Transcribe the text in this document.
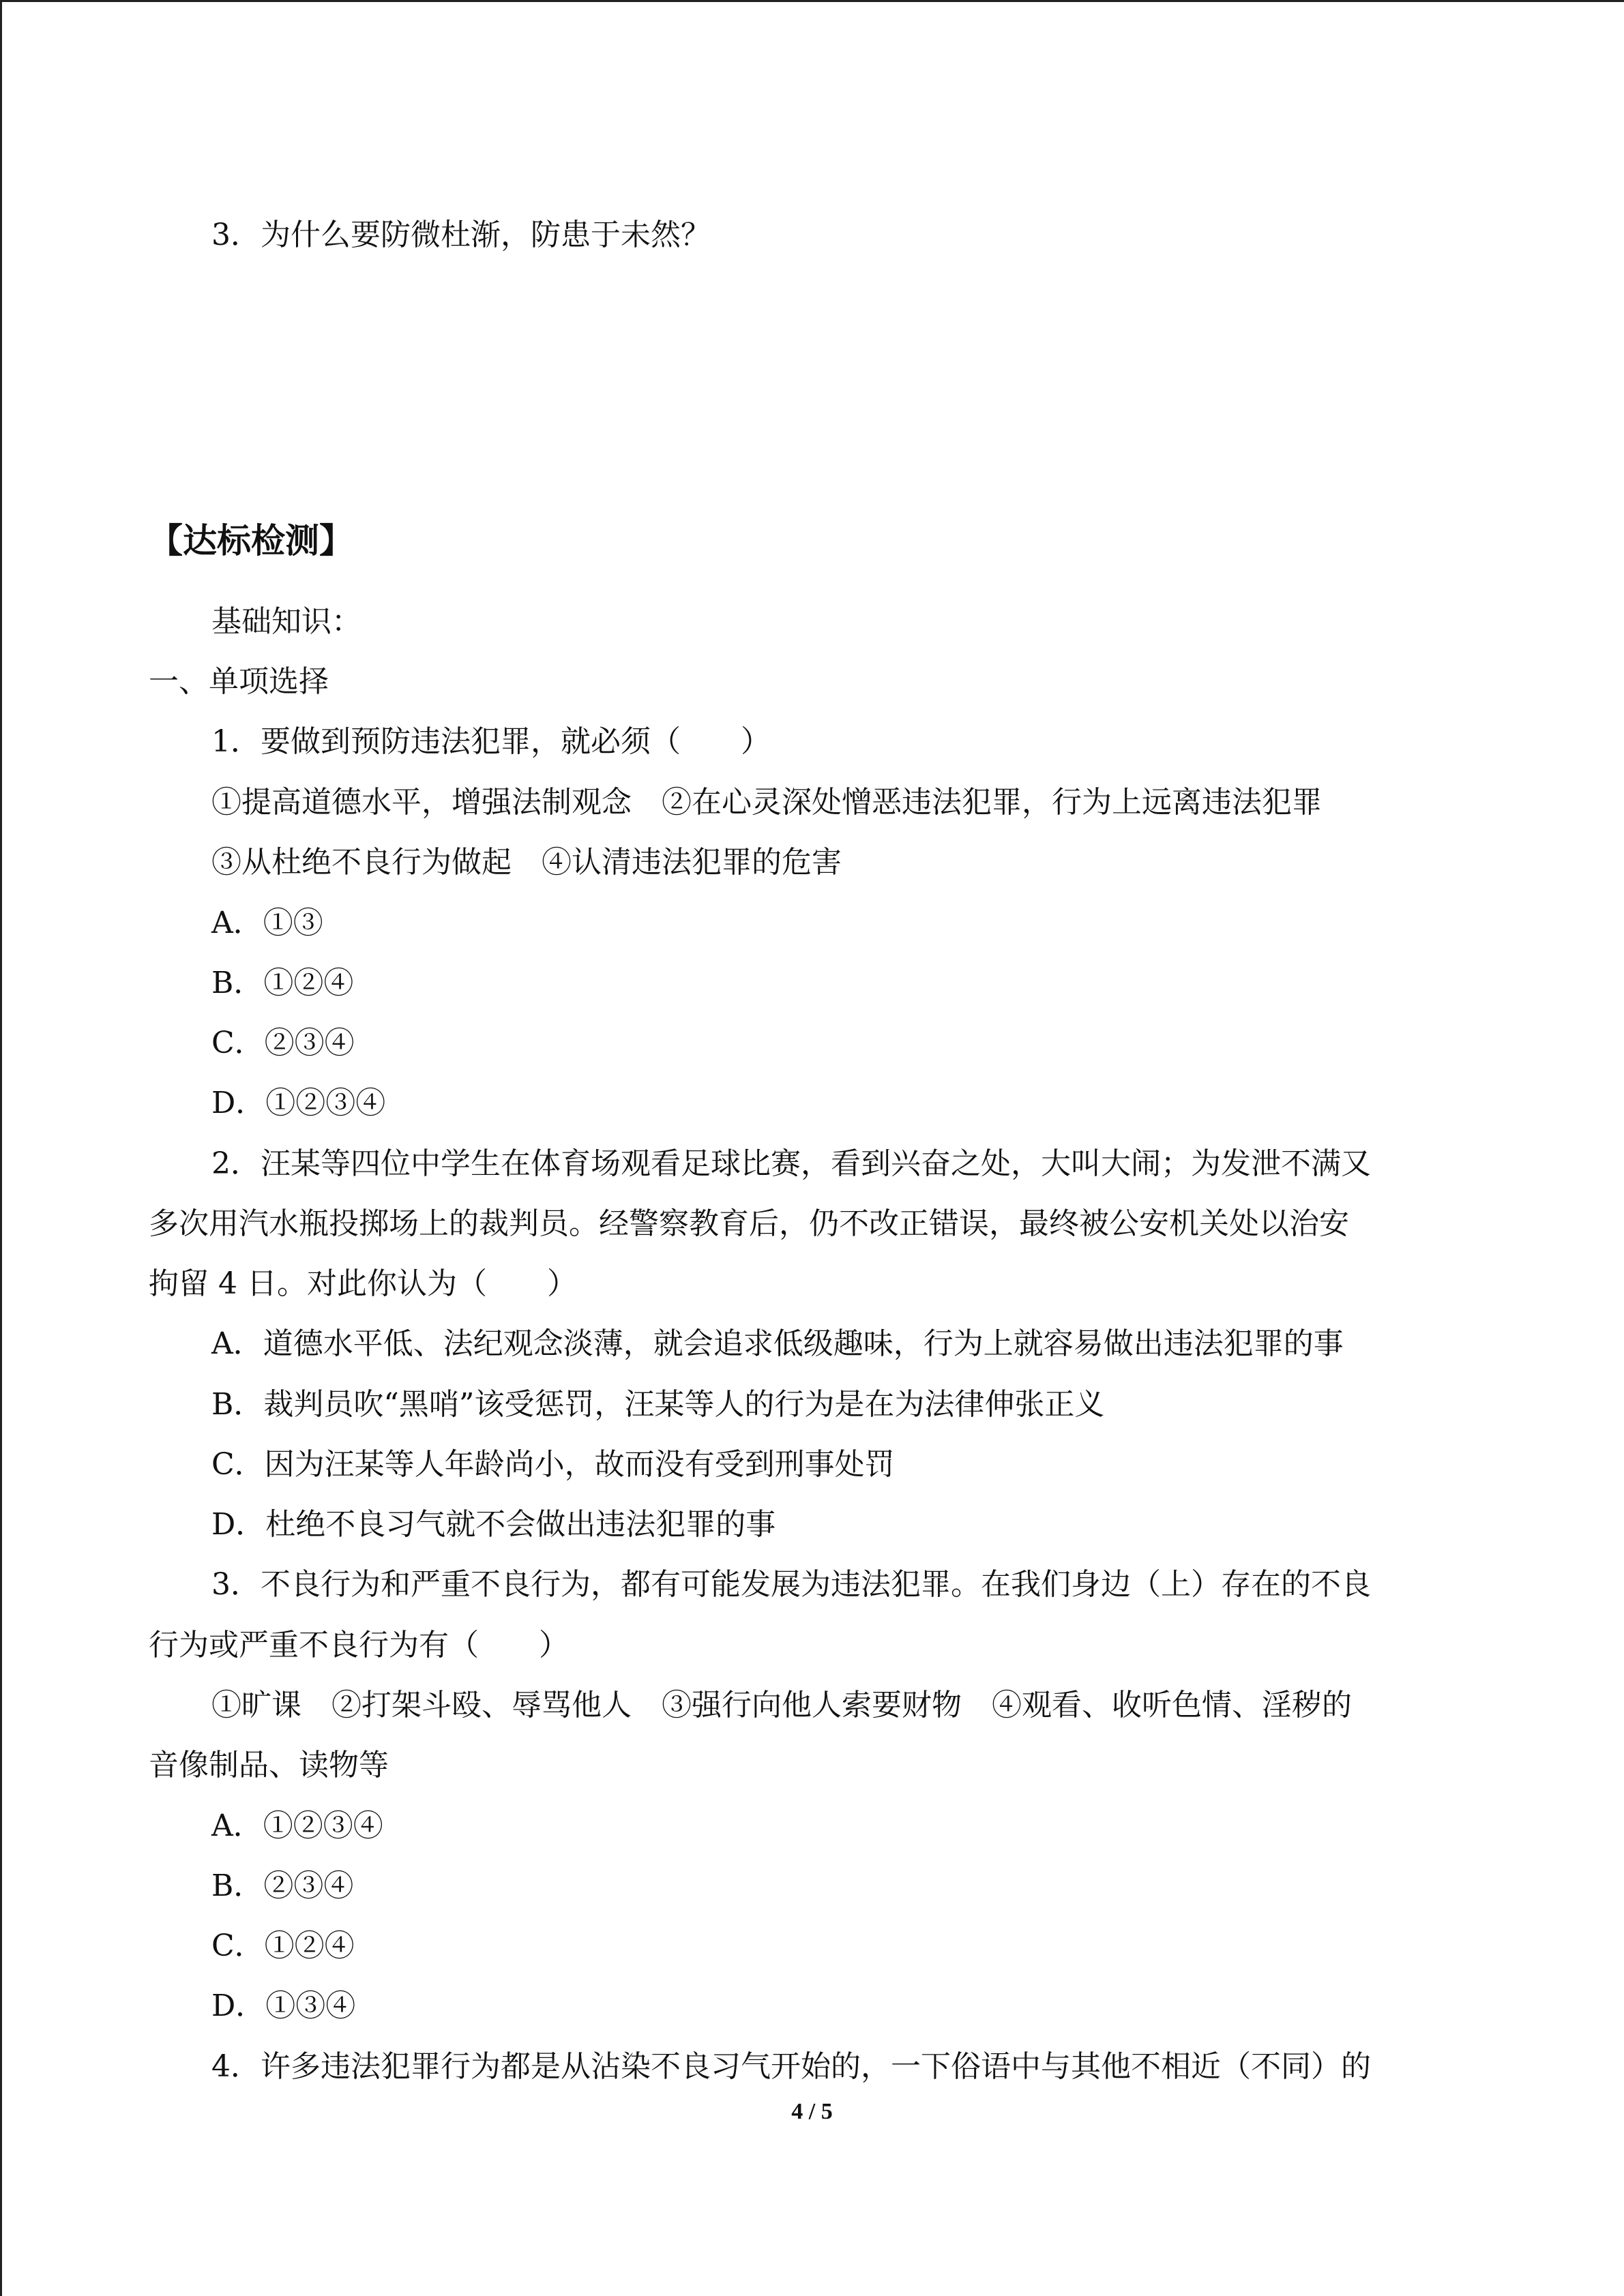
3．为什么要防微杜渐，防患于未然？
【达标检测】
基础知识：
一、单项选择
1．要做到预防违法犯罪，就必须（　　）
①提高道德水平，增强法制观念　②在心灵深处憎恶违法犯罪，行为上远离违法犯罪
③从杜绝不良行为做起　④认清违法犯罪的危害
A．①③
B．①②④
C．②③④
D．①②③④
2．汪某等四位中学生在体育场观看足球比赛，看到兴奋之处，大叫大闹；为发泄不满又
多次用汽水瓶投掷场上的裁判员。经警察教育后，仍不改正错误，最终被公安机关处以治安
拘留 4 日。对此你认为（　　）
A．道德水平低、法纪观念淡薄，就会追求低级趣味，行为上就容易做出违法犯罪的事
B．裁判员吹“黑哨”该受惩罚，汪某等人的行为是在为法律伸张正义
C．因为汪某等人年龄尚小，故而没有受到刑事处罚
D．杜绝不良习气就不会做出违法犯罪的事
3．不良行为和严重不良行为，都有可能发展为违法犯罪。在我们身边（上）存在的不良
行为或严重不良行为有（　　）
①旷课　②打架斗殴、辱骂他人　③强行向他人索要财物　④观看、收听色情、淫秽的
音像制品、读物等
A．①②③④
B．②③④
C．①②④
D．①③④
4．许多违法犯罪行为都是从沾染不良习气开始的，一下俗语中与其他不相近（不同）的
4 / 5
